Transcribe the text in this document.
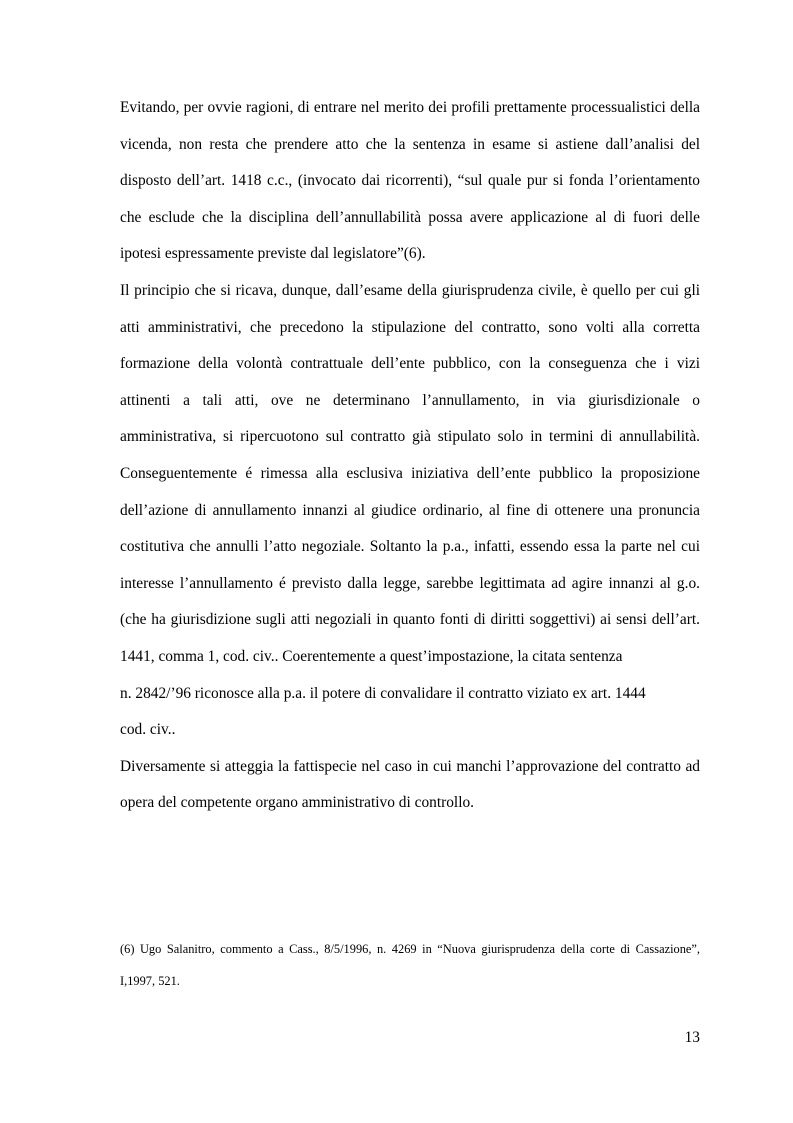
Evitando, per ovvie ragioni, di entrare nel merito dei profili prettamente processualistici della vicenda, non resta che prendere atto che la sentenza in esame si astiene dall’analisi del disposto dell’art. 1418 c.c., (invocato dai ricorrenti), “sul quale pur si fonda l’orientamento che esclude che la disciplina dell’annullabilità possa avere applicazione al di fuori delle ipotesi espressamente previste dal legislatore”(6).

Il principio che si ricava, dunque, dall’esame della giurisprudenza civile, è quello per cui gli atti amministrativi, che precedono la stipulazione del contratto, sono volti alla corretta formazione della volontà contrattuale dell’ente pubblico, con la conseguenza che i vizi attinenti a tali atti, ove ne determinano l’annullamento, in via giurisdizionale o amministrativa, si ripercuotono sul contratto già stipulato solo in termini di annullabilità. Conseguentemente é rimessa alla esclusiva iniziativa dell’ente pubblico la proposizione dell’azione di annullamento innanzi al giudice ordinario, al fine di ottenere una pronuncia costitutiva che annulli l’atto negoziale. Soltanto la p.a., infatti, essendo essa la parte nel cui interesse l’annullamento é previsto dalla legge, sarebbe legittimata ad agire innanzi al g.o. (che ha giurisdizione sugli atti negoziali in quanto fonti di diritti soggettivi) ai sensi dell’art. 1441, comma 1, cod. civ.. Coerentemente a quest’impostazione, la citata sentenza

n. 2842/’96 riconosce alla p.a. il potere di convalidare il contratto viziato ex art. 1444

cod. civ..

Diversamente si atteggia la fattispecie nel caso in cui manchi l’approvazione del contratto ad opera del competente organo amministrativo di controllo.

(6) Ugo Salanitro, commento a Cass., 8/5/1996, n. 4269 in “Nuova giurisprudenza della corte di Cassazione”, I,1997, 521.

13
